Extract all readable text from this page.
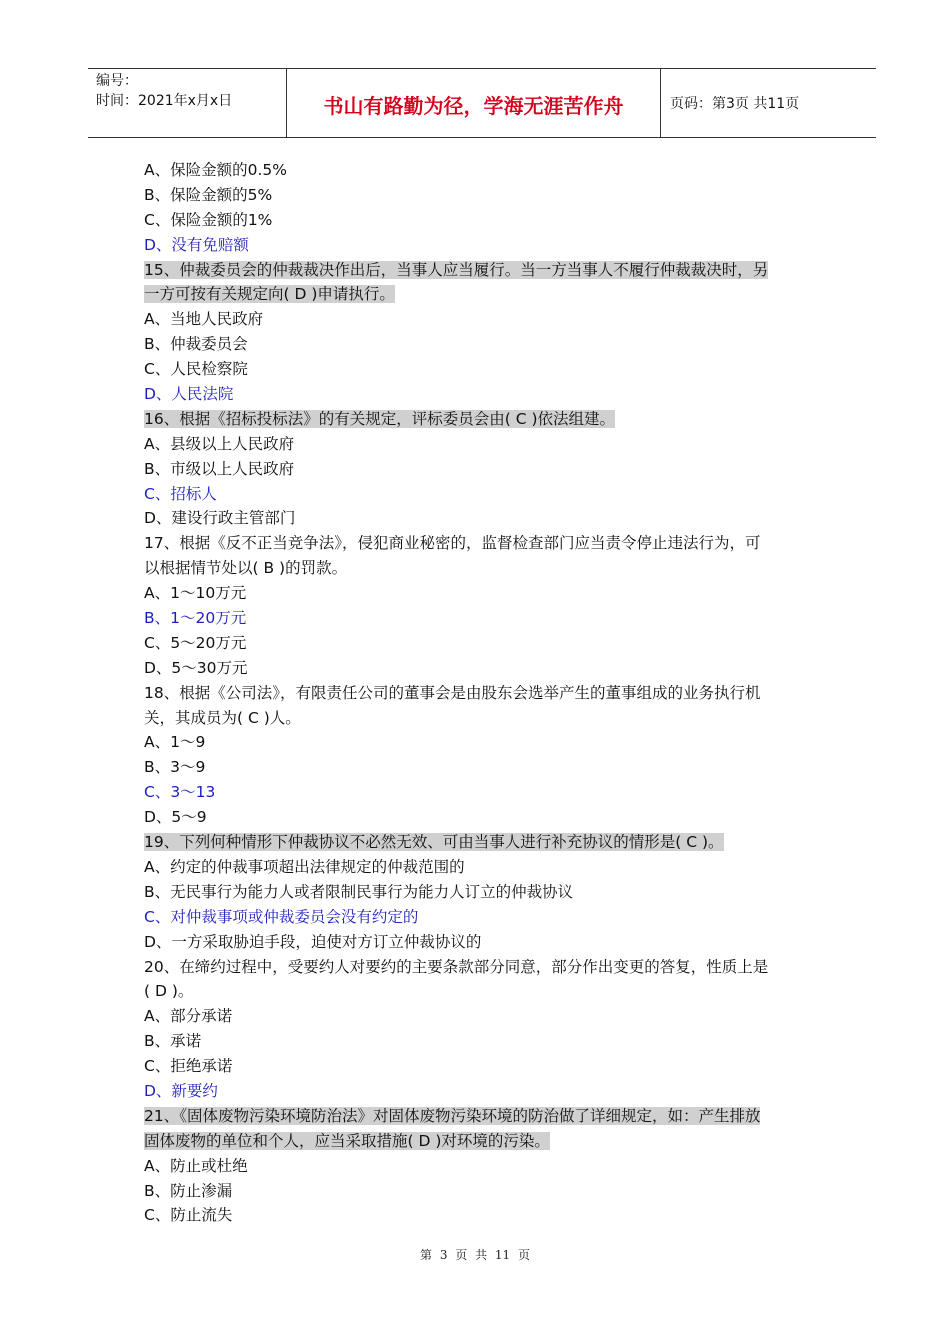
编号：
时间：2021年x月x日	书山有路勤为径，学海无涯苦作舟	页码：第3页 共11页
A、保险金额的0.5%
B、保险金额的5%
C、保险金额的1%
D、没有免赔额
15、仲裁委员会的仲裁裁决作出后，当事人应当履行。当一方当事人不履行仲裁裁决时，另
一方可按有关规定向( D )申请执行。
A、当地人民政府
B、仲裁委员会
C、人民检察院
D、人民法院
16、根据《招标投标法》的有关规定，评标委员会由( C )依法组建。
A、县级以上人民政府
B、市级以上人民政府
C、招标人
D、建设行政主管部门
17、根据《反不正当竞争法》，侵犯商业秘密的，监督检查部门应当责令停止违法行为，可
以根据情节处以( B )的罚款。
A、1～10万元
B、1～20万元
C、5～20万元
D、5～30万元
18、根据《公司法》，有限责任公司的董事会是由股东会选举产生的董事组成的业务执行机
关，其成员为( C )人。
A、1～9
B、3～9
C、3～13
D、5～9
19、下列何种情形下仲裁协议不必然无效、可由当事人进行补充协议的情形是( C )。
A、约定的仲裁事项超出法律规定的仲裁范围的
B、无民事行为能力人或者限制民事行为能力人订立的仲裁协议
C、对仲裁事项或仲裁委员会没有约定的
D、一方采取胁迫手段，迫使对方订立仲裁协议的
20、在缔约过程中，受要约人对要约的主要条款部分同意，部分作出变更的答复，性质上是
( D )。
A、部分承诺
B、承诺
C、拒绝承诺
D、新要约
21、《固体废物污染环境防治法》对固体废物污染环境的防治做了详细规定，如：产生排放
固体废物的单位和个人，应当采取措施( D )对环境的污染。
A、防止或杜绝
B、防止渗漏
C、防止流失
第 3 页 共 11 页
